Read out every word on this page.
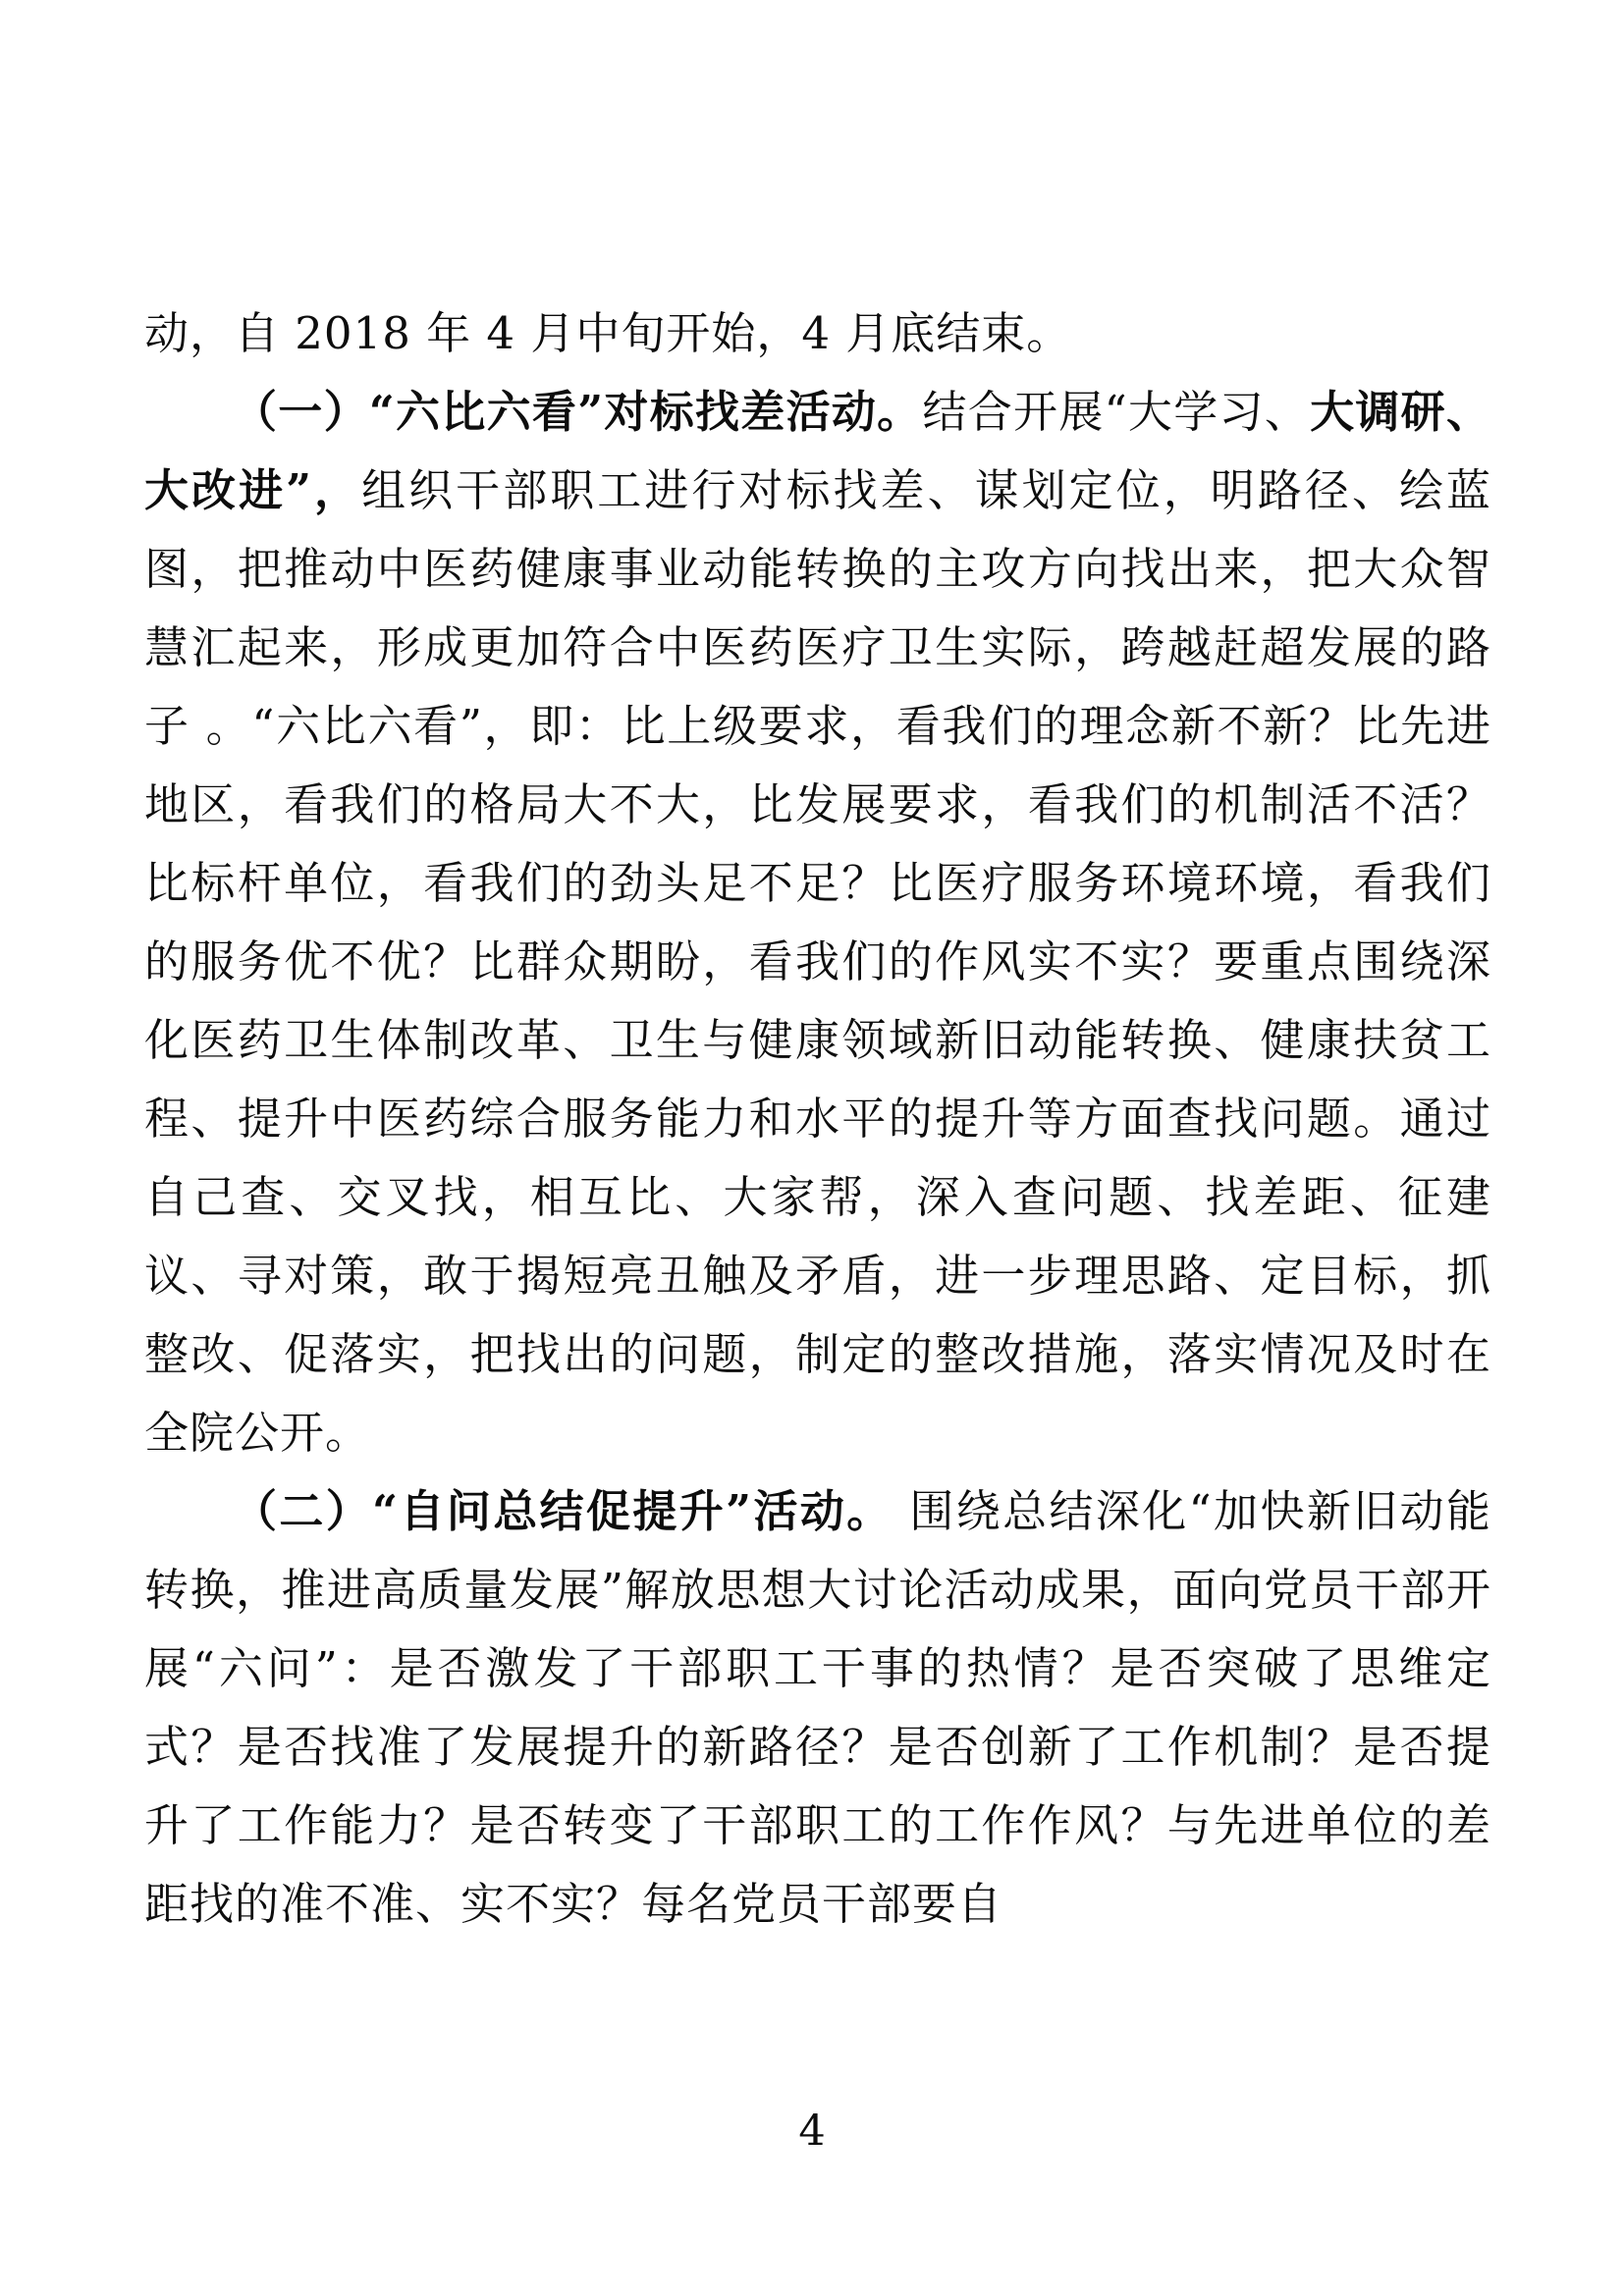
动，自 2018 年 4 月中旬开始，4 月底结束。

（一）“六比六看”对标找差活动。结合开展“大学习、大调研、大改进”，组织干部职工进行对标找差、谋划定位，明路径、绘蓝图，把推动中医药健康事业动能转换的主攻方向找出来，把大众智慧汇起来，形成更加符合中医药医疗卫生实际，跨越赶超发展的路子 。“六比六看”，即：比上级要求，看我们的理念新不新？比先进地区，看我们的格局大不大，比发展要求，看我们的机制活不活？比标杆单位，看我们的劲头足不足？比医疗服务环境环境，看我们的服务优不优？比群众期盼，看我们的作风实不实？要重点围绕深化医药卫生体制改革、卫生与健康领域新旧动能转换、健康扶贫工程、提升中医药综合服务能力和水平的提升等方面查找问题。通过自己查、交叉找，相互比、大家帮，深入查问题、找差距、征建议、寻对策，敢于揭短亮丑触及矛盾，进一步理思路、定目标，抓整改、促落实，把找出的问题，制定的整改措施，落实情况及时在全院公开。

（二）“自问总结促提升”活动。 围绕总结深化“加快新旧动能转换，推进高质量发展”解放思想大讨论活动成果，面向党员干部开展“六问”：是否激发了干部职工干事的热情？是否突破了思维定式？是否找准了发展提升的新路径？是否创新了工作机制？是否提升了工作能力？是否转变了干部职工的工作作风？与先进单位的差距找的准不准、实不实？每名党员干部要自

4
